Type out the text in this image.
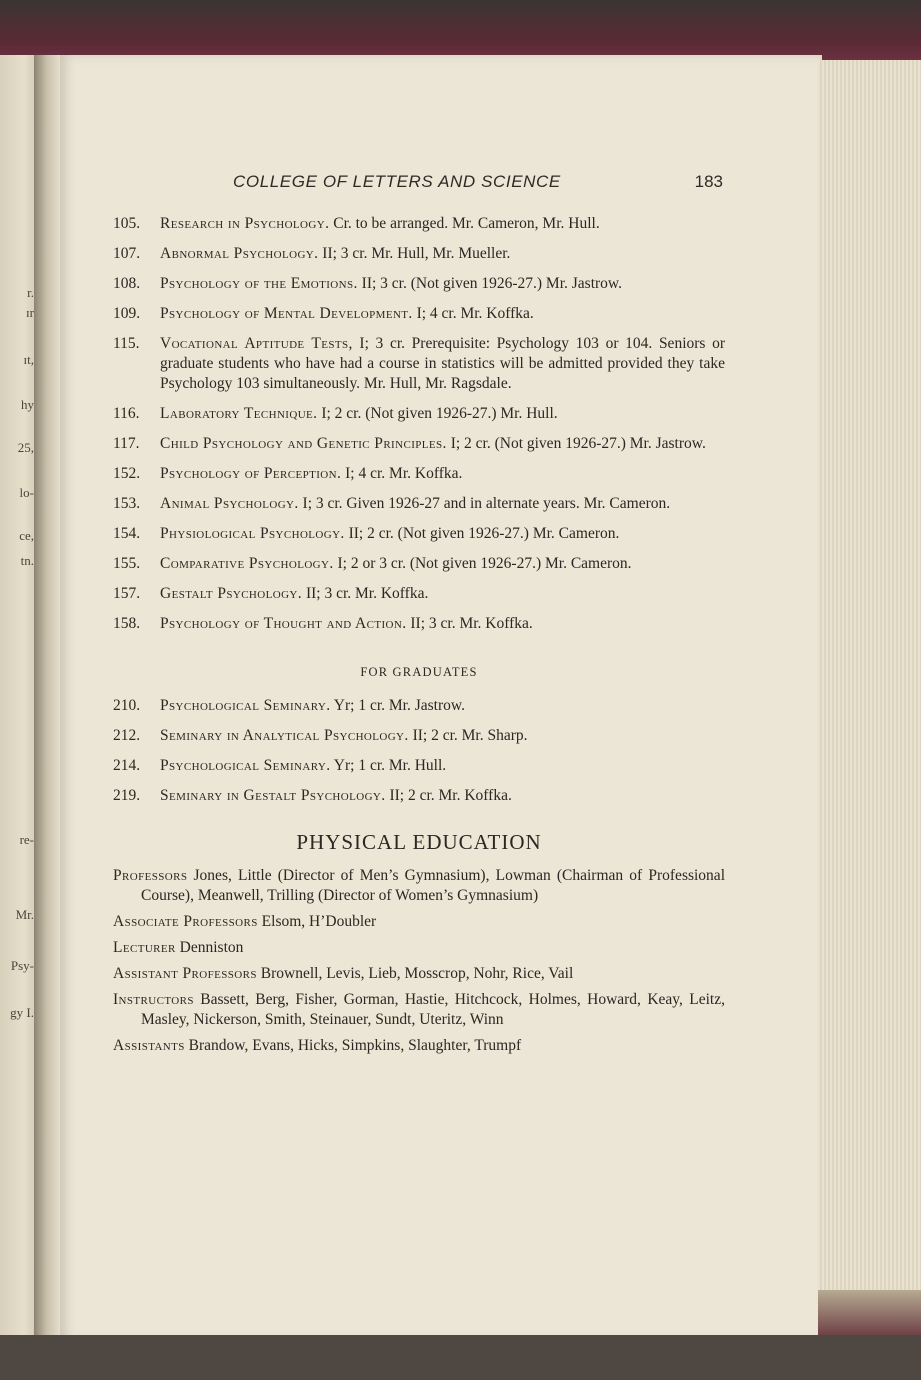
r.
ɪr
ɪt,
hy
25,
lo-
ce,
tn.
re-
Mr.
Psy-
gy I.
COLLEGE OF LETTERS AND SCIENCE	183
105.	Research in Psychology. Cr. to be arranged. Mr. Cameron, Mr. Hull.
107.	Abnormal Psychology. II; 3 cr. Mr. Hull, Mr. Mueller.
108.	Psychology of the Emotions. II; 3 cr. (Not given 1926-27.) Mr. Jastrow.
109.	Psychology of Mental Development. I; 4 cr. Mr. Koffka.
115.	Vocational Aptitude Tests, I; 3 cr. Prerequisite: Psychology 103 or 104. Seniors or graduate students who have had a course in statistics will be admitted provided they take Psychology 103 simultaneously. Mr. Hull, Mr. Ragsdale.
116.	Laboratory Technique. I; 2 cr. (Not given 1926-27.) Mr. Hull.
117.	Child Psychology and Genetic Principles. I; 2 cr. (Not given 1926-27.) Mr. Jastrow.
152.	Psychology of Perception. I; 4 cr. Mr. Koffka.
153.	Animal Psychology. I; 3 cr. Given 1926-27 and in alternate years. Mr. Cameron.
154.	Physiological Psychology. II; 2 cr. (Not given 1926-27.) Mr. Cameron.
155.	Comparative Psychology. I; 2 or 3 cr. (Not given 1926-27.) Mr. Cameron.
157.	Gestalt Psychology. II; 3 cr. Mr. Koffka.
158.	Psychology of Thought and Action. II; 3 cr. Mr. Koffka.
FOR GRADUATES
210.	Psychological Seminary. Yr; 1 cr. Mr. Jastrow.
212.	Seminary in Analytical Psychology. II; 2 cr. Mr. Sharp.
214.	Psychological Seminary. Yr; 1 cr. Mr. Hull.
219.	Seminary in Gestalt Psychology. II; 2 cr. Mr. Koffka.
PHYSICAL EDUCATION
Professors Jones, Little (Director of Men’s Gymnasium), Lowman (Chairman of Professional Course), Meanwell, Trilling (Director of Women’s Gymnasium)
Associate Professors Elsom, H’Doubler
Lecturer Denniston
Assistant Professors Brownell, Levis, Lieb, Mosscrop, Nohr, Rice, Vail
Instructors Bassett, Berg, Fisher, Gorman, Hastie, Hitchcock, Holmes, Howard, Keay, Leitz, Masley, Nickerson, Smith, Steinauer, Sundt, Uteritz, Winn
Assistants Brandow, Evans, Hicks, Simpkins, Slaughter, Trumpf
